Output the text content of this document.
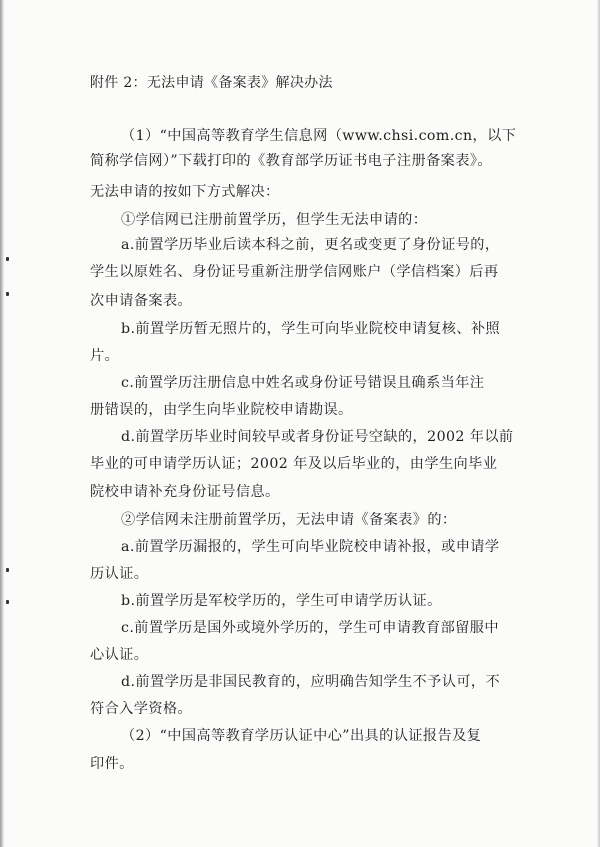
附件 2：无法申请《备案表》解决办法
（1）“中国高等教育学生信息网（www.chsi.com.cn，以下
简称学信网）”下载打印的《教育部学历证书电子注册备案表》。
无法申请的按如下方式解决：
①学信网已注册前置学历，但学生无法申请的：
a.前置学历毕业后读本科之前，更名或变更了身份证号的，
学生以原姓名、身份证号重新注册学信网账户（学信档案）后再
次申请备案表。
b.前置学历暂无照片的，学生可向毕业院校申请复核、补照
片。
c.前置学历注册信息中姓名或身份证号错误且确系当年注
册错误的，由学生向毕业院校申请勘误。
d.前置学历毕业时间较早或者身份证号空缺的，2002 年以前
毕业的可申请学历认证；2002 年及以后毕业的，由学生向毕业
院校申请补充身份证号信息。
②学信网未注册前置学历，无法申请《备案表》的：
a.前置学历漏报的，学生可向毕业院校申请补报，或申请学
历认证。
b.前置学历是军校学历的，学生可申请学历认证。
c.前置学历是国外或境外学历的，学生可申请教育部留服中
心认证。
d.前置学历是非国民教育的，应明确告知学生不予认可，不
符合入学资格。
（2）“中国高等教育学历认证中心”出具的认证报告及复
印件。
